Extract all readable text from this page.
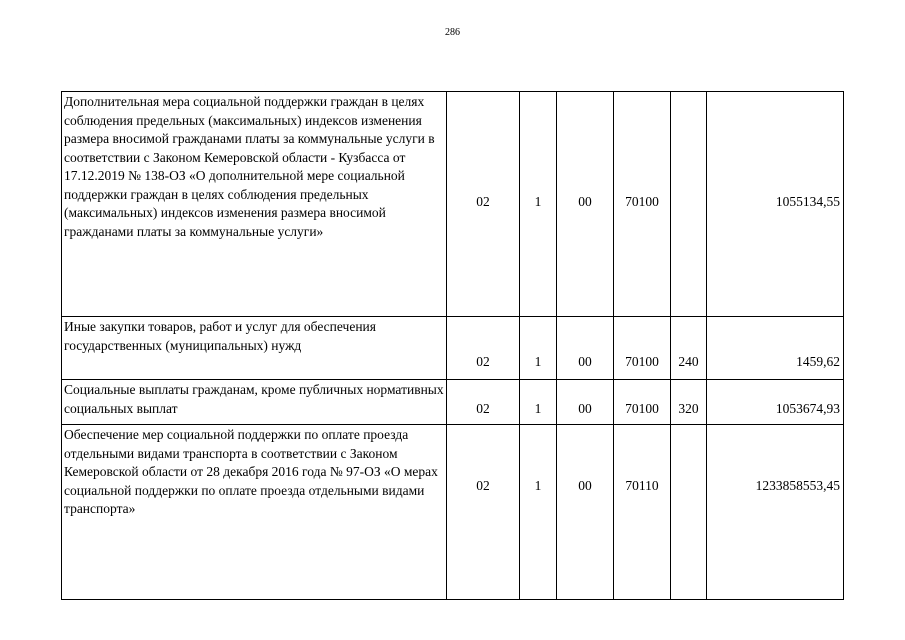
286
Дополнительная мера социальной поддержки граждан в целях соблюдения предельных (максимальных) индексов изменения размера вносимой гражданами платы за коммунальные услуги в соответствии с Законом Кемеровской области - Кузбасса от 17.12.2019 № 138-ОЗ «О дополнительной мере социальной поддержки граждан в целях соблюдения предельных (максимальных) индексов изменения размера вносимой гражданами платы за коммунальные услуги»	02	1	00	70100		1055134,55
Иные закупки товаров, работ и услуг для обеспечения государственных (муниципальных) нужд	02	1	00	70100	240	1459,62
Социальные выплаты гражданам, кроме публичных нормативных социальных выплат	02	1	00	70100	320	1053674,93
Обеспечение мер социальной поддержки по оплате проезда отдельными видами транспорта в соответствии с Законом Кемеровской области от 28 декабря 2016 года № 97-ОЗ «О мерах социальной поддержки по оплате проезда отдельными видами транспорта»	02	1	00	70110		1233858553,45
